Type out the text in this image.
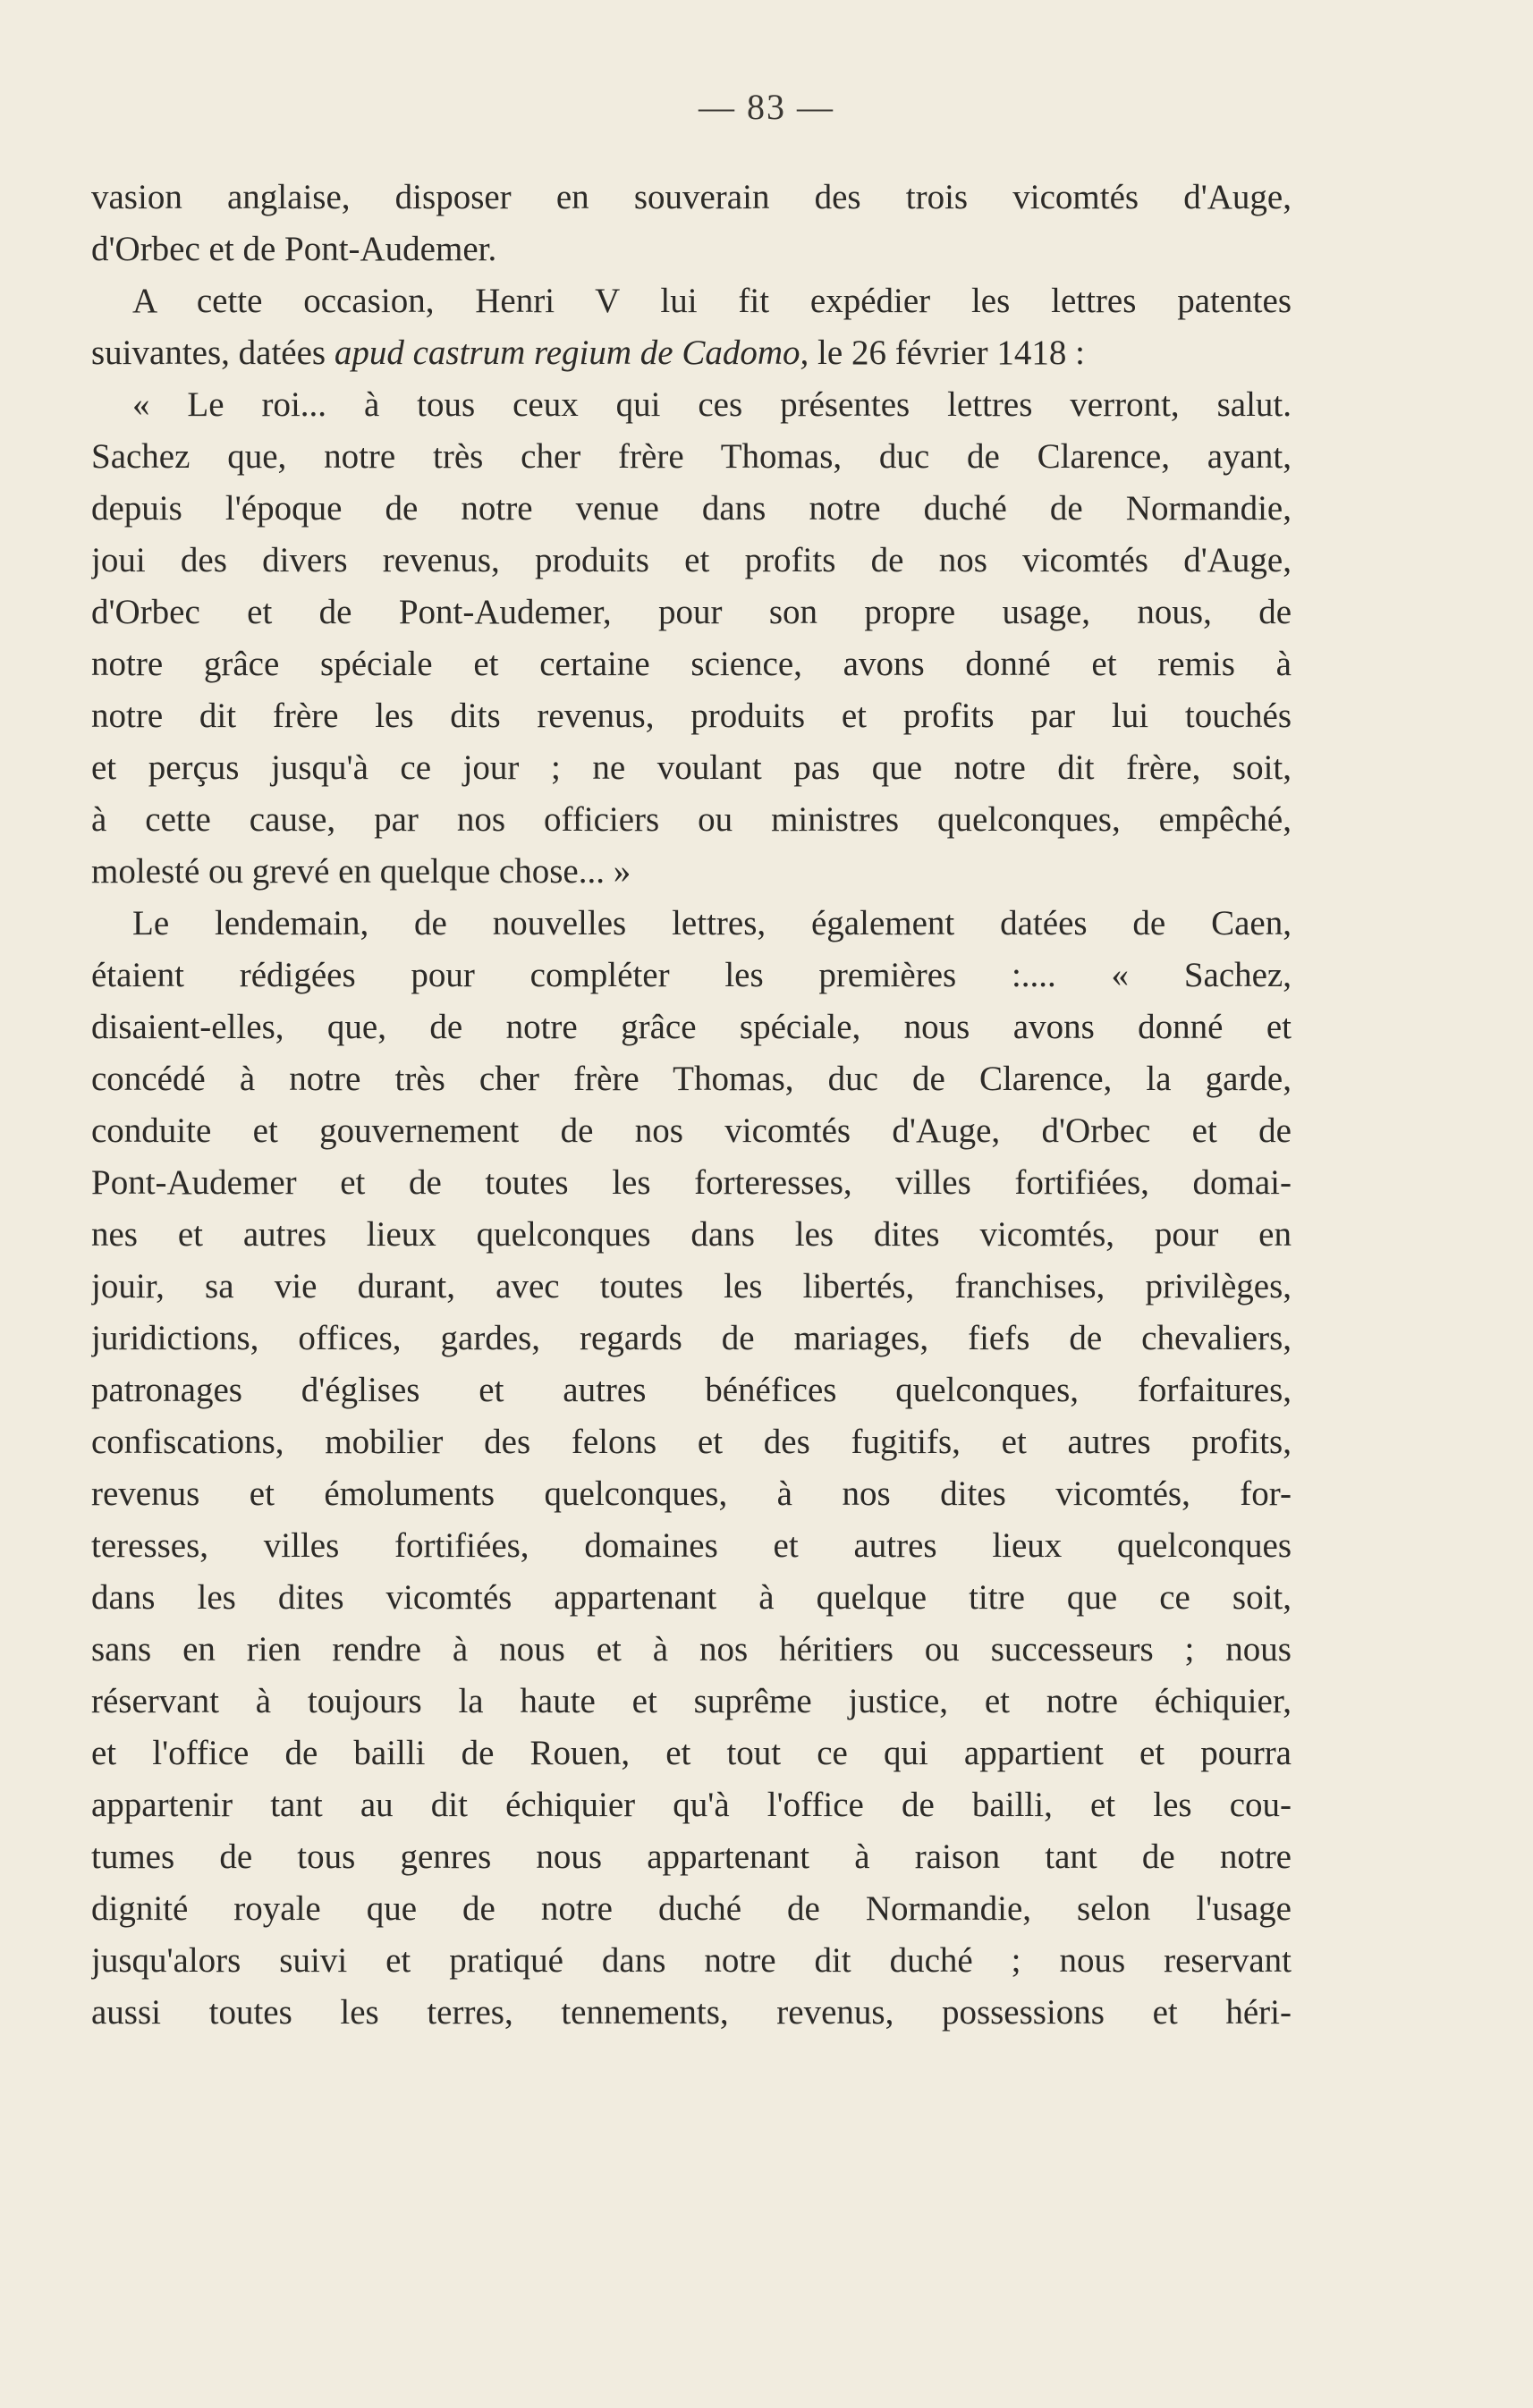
— 83 —
vasion anglaise, disposer en souverain des trois vicomtés d'Auge,
d'Orbec et de Pont-Audemer.
A cette occasion, Henri V lui fit expédier les lettres patentes
suivantes, datées apud castrum regium de Cadomo, le 26 février 1418 :
« Le roi... à tous ceux qui ces présentes lettres verront, salut.
Sachez que, notre très cher frère Thomas, duc de Clarence, ayant,
depuis l'époque de notre venue dans notre duché de Normandie,
joui des divers revenus, produits et profits de nos vicomtés d'Auge,
d'Orbec et de Pont-Audemer, pour son propre usage, nous, de
notre grâce spéciale et certaine science, avons donné et remis à
notre dit frère les dits revenus, produits et profits par lui touchés
et perçus jusqu'à ce jour ; ne voulant pas que notre dit frère, soit,
à cette cause, par nos officiers ou ministres quelconques, empêché,
molesté ou grevé en quelque chose... »
Le lendemain, de nouvelles lettres, également datées de Caen,
étaient rédigées pour compléter les premières :.... « Sachez,
disaient-elles, que, de notre grâce spéciale, nous avons donné et
concédé à notre très cher frère Thomas, duc de Clarence, la garde,
conduite et gouvernement de nos vicomtés d'Auge, d'Orbec et de
Pont-Audemer et de toutes les forteresses, villes fortifiées, domai-
nes et autres lieux quelconques dans les dites vicomtés, pour en
jouir, sa vie durant, avec toutes les libertés, franchises, privilèges,
juridictions, offices, gardes, regards de mariages, fiefs de chevaliers,
patronages d'églises et autres bénéfices quelconques, forfaitures,
confiscations, mobilier des felons et des fugitifs, et autres profits,
revenus et émoluments quelconques, à nos dites vicomtés, for-
teresses, villes fortifiées, domaines et autres lieux quelconques
dans les dites vicomtés appartenant à quelque titre que ce soit,
sans en rien rendre à nous et à nos héritiers ou successeurs ; nous
réservant à toujours la haute et suprême justice, et notre échiquier,
et l'office de bailli de Rouen, et tout ce qui appartient et pourra
appartenir tant au dit échiquier qu'à l'office de bailli, et les cou-
tumes de tous genres nous appartenant à raison tant de notre
dignité royale que de notre duché de Normandie, selon l'usage
jusqu'alors suivi et pratiqué dans notre dit duché ; nous reservant
aussi toutes les terres, tennements, revenus, possessions et héri-
